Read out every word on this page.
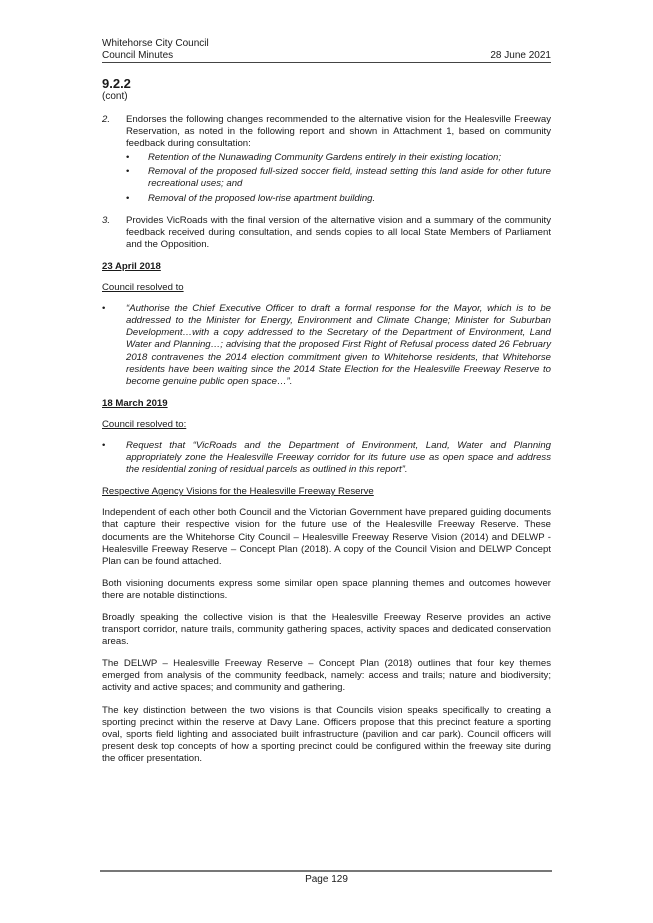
Whitehorse City Council
Council Minutes	28 June 2021
9.2.2
(cont)
2. Endorses the following changes recommended to the alternative vision for the Healesville Freeway Reservation, as noted in the following report and shown in Attachment 1, based on community feedback during consultation:
• Retention of the Nunawading Community Gardens entirely in their existing location;
• Removal of the proposed full-sized soccer field, instead setting this land aside for other future recreational uses; and
• Removal of the proposed low-rise apartment building.
3. Provides VicRoads with the final version of the alternative vision and a summary of the community feedback received during consultation, and sends copies to all local State Members of Parliament and the Opposition.
23 April 2018
Council resolved to
• “Authorise the Chief Executive Officer to draft a formal response for the Mayor, which is to be addressed to the Minister for Energy, Environment and Climate Change; Minister for Suburban Development…with a copy addressed to the Secretary of the Department of Environment, Land Water and Planning…; advising that the proposed First Right of Refusal process dated 26 February 2018 contravenes the 2014 election commitment given to Whitehorse residents, that Whitehorse residents have been waiting since the 2014 State Election for the Healesville Freeway Reserve to become genuine public open space…”.
18 March 2019
Council resolved to:
• Request that “VicRoads and the Department of Environment, Land, Water and Planning appropriately zone the Healesville Freeway corridor for its future use as open space and address the residential zoning of residual parcels as outlined in this report”.
Respective Agency Visions for the Healesville Freeway Reserve

Independent of each other both Council and the Victorian Government have prepared guiding documents that capture their respective vision for the future use of the Healesville Freeway Reserve. These documents are the Whitehorse City Council – Healesville Freeway Reserve Vision (2014) and DELWP - Healesville Freeway Reserve – Concept Plan (2018). A copy of the Council Vision and DELWP Concept Plan can be found attached.

Both visioning documents express some similar open space planning themes and outcomes however there are notable distinctions.

Broadly speaking the collective vision is that the Healesville Freeway Reserve provides an active transport corridor, nature trails, community gathering spaces, activity spaces and dedicated conservation areas.

The DELWP – Healesville Freeway Reserve – Concept Plan (2018) outlines that four key themes emerged from analysis of the community feedback, namely: access and trails; nature and biodiversity; activity and active spaces; and community and gathering.

The key distinction between the two visions is that Councils vision speaks specifically to creating a sporting precinct within the reserve at Davy Lane. Officers propose that this precinct feature a sporting oval, sports field lighting and associated built infrastructure (pavilion and car park). Council officers will present desk top concepts of how a sporting precinct could be configured within the freeway site during the officer presentation.

Page 129
